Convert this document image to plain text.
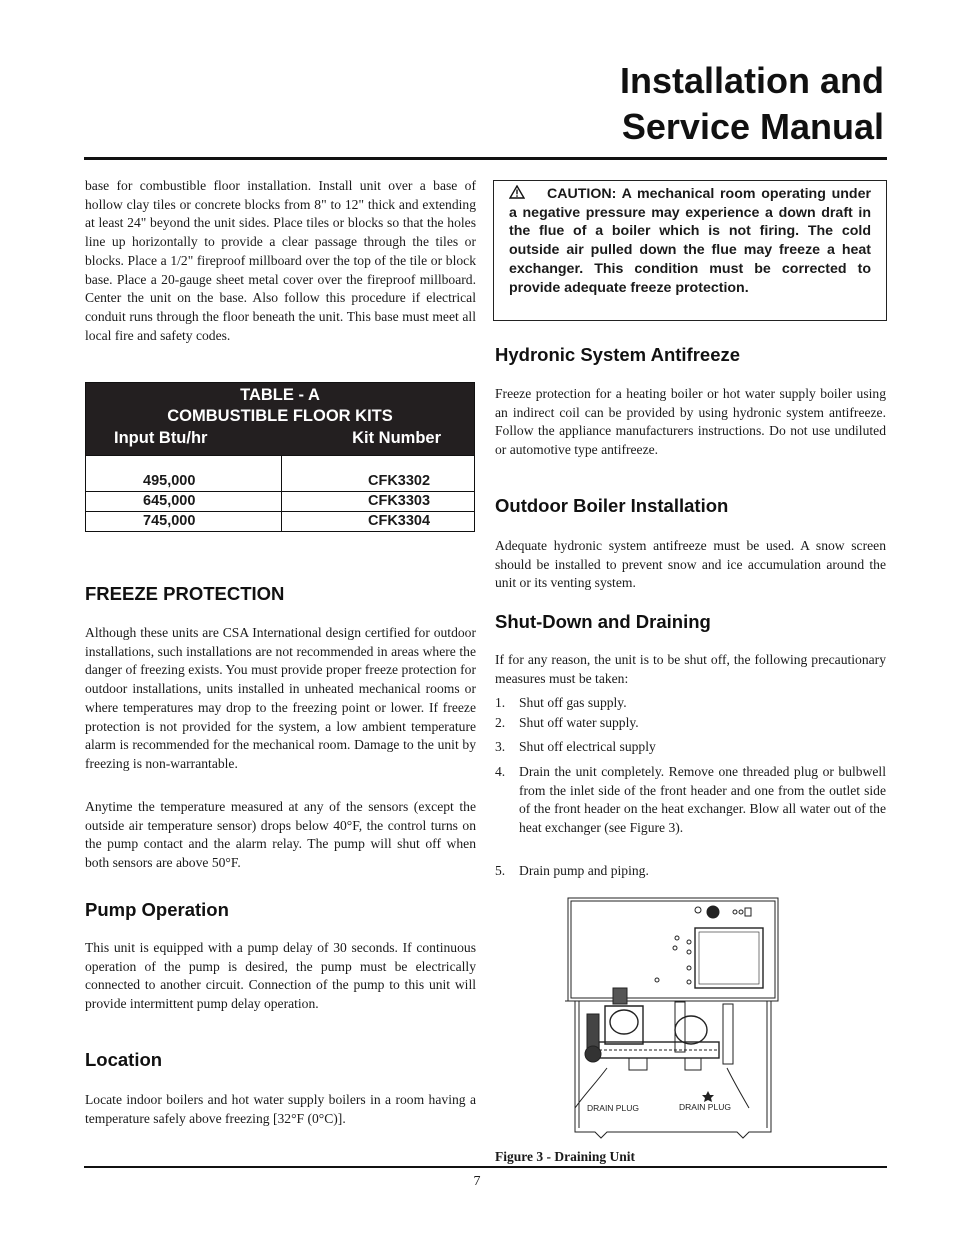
Installation and
Service Manual

base for combustible floor installation. Install unit over a base of hollow clay tiles or concrete blocks from 8" to 12" thick and extending at least 24" beyond the unit sides. Place tiles or blocks so that the holes line up horizontally to provide a clear passage through the tiles or blocks. Place a 1/2" fireproof millboard over the top of the tile or block base. Place a 20-gauge sheet metal cover over the fireproof millboard. Center the unit on the base. Also follow this procedure if electrical conduit runs through the floor beneath the unit. This base must meet all local fire and safety codes.

FREEZE PROTECTION

Although these units are CSA International design certified for outdoor installations, such installations are not recommended in areas where the danger of freezing exists. You must provide proper freeze protection for outdoor installations, units installed in unheated mechanical rooms or where temperatures may drop to the freezing point or lower. If freeze protection is not provided for the system, a low ambient temperature alarm is recommended for the mechanical room. Damage to the unit by freezing is non-warrantable.

Anytime the temperature measured at any of the sensors (except the outside air temperature sensor) drops below 40°F, the control turns on the pump contact and the alarm relay. The pump will shut off when both sensors are above 50°F.

Pump Operation

This unit is equipped with a pump delay of 30 seconds. If continuous operation of the pump is desired, the pump must be electrically connected to another circuit. Connection of the pump to this unit will provide intermittent pump delay operation.

Location

Locate indoor boilers and hot water supply boilers in a room having a temperature safely above freezing [32°F (0°C)].

TABLE - A
COMBUSTIBLE FLOOR KITS
Input Btu/hr	Kit Number
495,000	CFK3302
645,000	CFK3303
745,000	CFK3304
CAUTION: A mechanical room operating under a negative pressure may experience a down draft in the flue of a boiler which is not firing. The cold outside air pulled down the flue may freeze a heat exchanger. This condition must be corrected to provide adequate freeze protection.
Hydronic System Antifreeze

Freeze protection for a heating boiler or hot water supply boiler using an indirect coil can be provided by using hydronic system antifreeze. Follow the appliance manufacturers instructions. Do not use undiluted or automotive type antifreeze.

Outdoor Boiler Installation

Adequate hydronic system antifreeze must be used. A snow screen should be installed to prevent snow and ice accumulation around the unit or its venting system.

Shut-Down and Draining

If for any reason, the unit is to be shut off, the following precautionary measures must be taken:

1. Shut off gas supply.
2. Shut off water supply.
3. Shut off electrical supply
4. Drain the unit completely. Remove one threaded plug or bulbwell from the inlet side of the front header and one from the outlet side of the front header on the heat exchanger. Blow all water out of the heat exchanger (see Figure 3).
5. Drain pump and piping.
DRAIN PLUG	DRAIN PLUG
Figure 3 - Draining Unit
7
